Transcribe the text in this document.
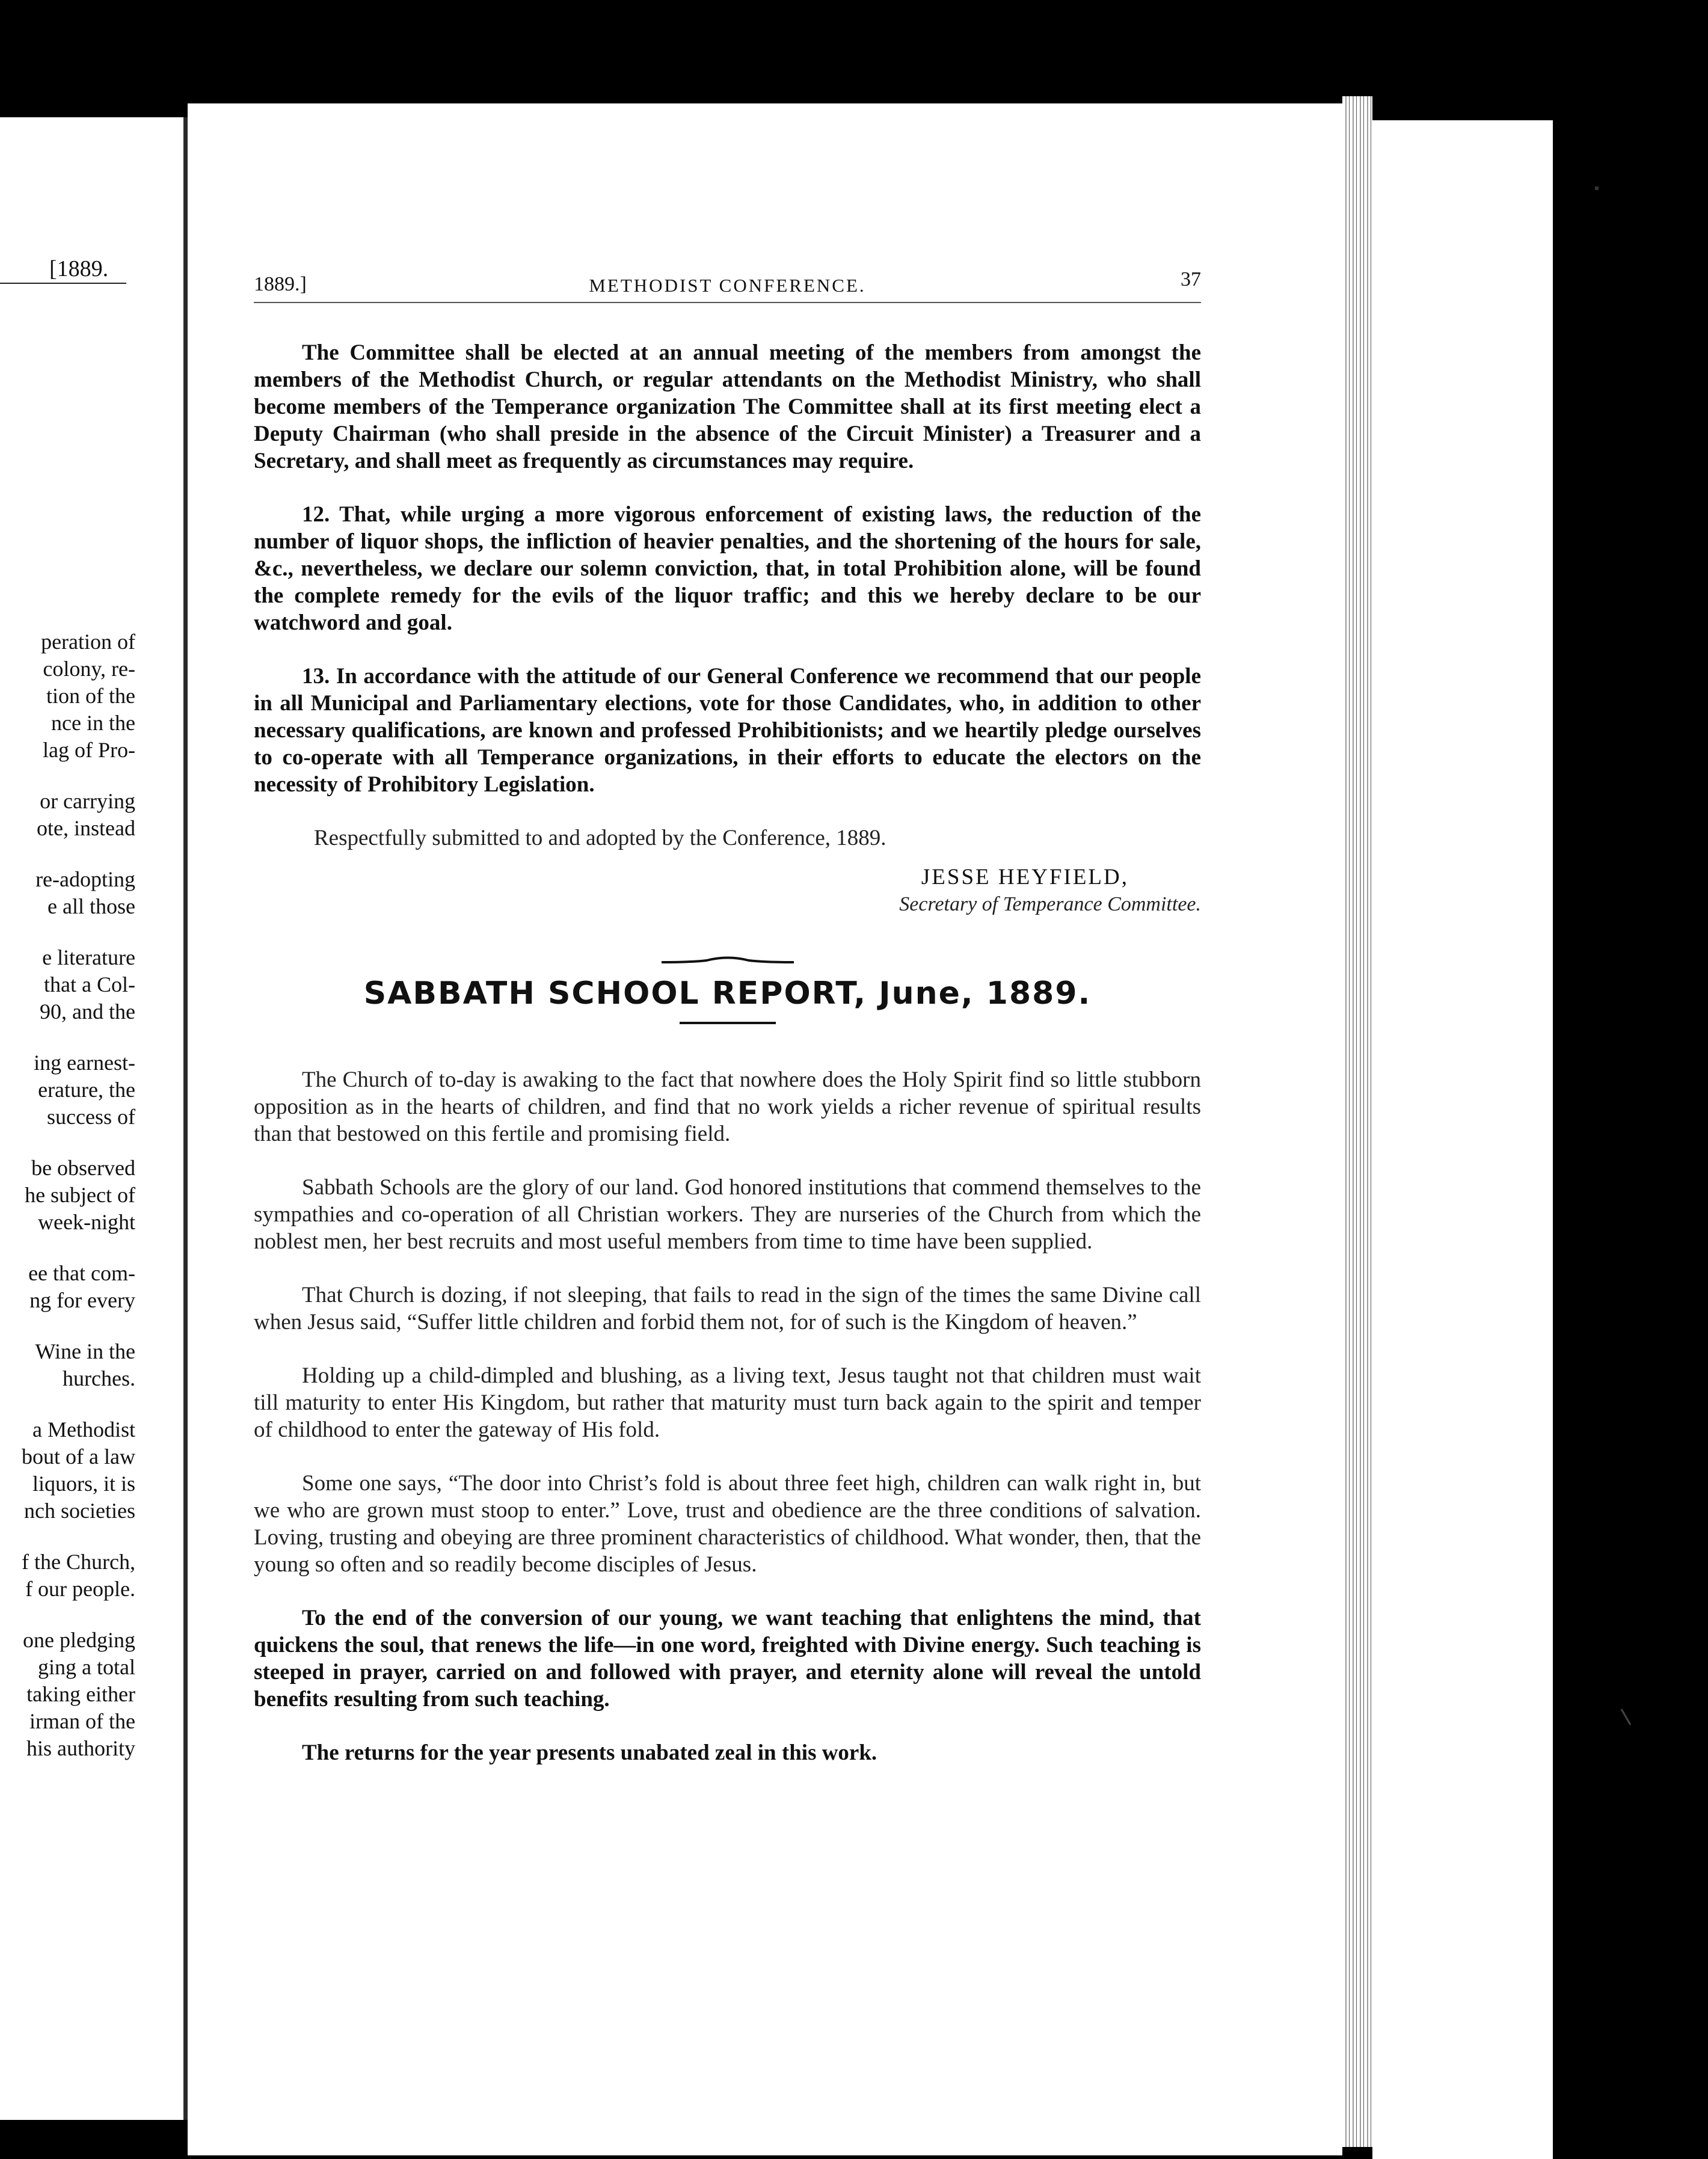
[1889.
peration of
colony, re-
tion of the
nce in the
lag of Pro-
or carrying
ote, instead
re-adopting
e all those
e literature
that a Col-
90, and the
ing earnest-
erature, the
success of
be observed
he subject of
week-night
ee that com-
ng for every
Wine in the
hurches.
a Methodist
bout of a law
liquors, it is
nch societies
f the Church,
f our people.
one pledging
ging a total
taking either
irman of the
his authority
1889.]	METHODIST CONFERENCE.	37

The Committee shall be elected at an annual meeting of the members from amongst the members of the Methodist Church, or regular attendants on the Methodist Ministry, who shall become members of the Temperance organization The Committee shall at its first meeting elect a Deputy Chairman (who shall preside in the absence of the Circuit Minister) a Treasurer and a Secretary, and shall meet as frequently as circumstances may require.

12. That, while urging a more vigorous enforcement of existing laws, the reduction of the number of liquor shops, the infliction of heavier penalties, and the shortening of the hours for sale, &c., nevertheless, we declare our solemn conviction, that, in total Prohibition alone, will be found the complete remedy for the evils of the liquor traffic; and this we hereby declare to be our watchword and goal.

13. In accordance with the attitude of our General Conference we recommend that our people in all Municipal and Parliamentary elections, vote for those Candidates, who, in addition to other necessary qualifications, are known and professed Prohibitionists; and we heartily pledge ourselves to co-operate with all Temperance organizations, in their efforts to educate the electors on the necessity of Prohibitory Legislation.

Respectfully submitted to and adopted by the Conference, 1889.

JESSE HEYFIELD,
Secretary of Temperance Committee.
SABBATH SCHOOL REPORT, June, 1889.

The Church of to-day is awaking to the fact that nowhere does the Holy Spirit find so little stubborn opposition as in the hearts of children, and find that no work yields a richer revenue of spiritual results than that bestowed on this fertile and promising field.

Sabbath Schools are the glory of our land. God honored institutions that commend themselves to the sympathies and co-operation of all Christian workers. They are nurseries of the Church from which the noblest men, her best recruits and most useful members from time to time have been supplied.

That Church is dozing, if not sleeping, that fails to read in the sign of the times the same Divine call when Jesus said, “Suffer little children and forbid them not, for of such is the Kingdom of heaven.”

Holding up a child-dimpled and blushing, as a living text, Jesus taught not that children must wait till maturity to enter His Kingdom, but rather that maturity must turn back again to the spirit and temper of childhood to enter the gateway of His fold.

Some one says, “The door into Christ’s fold is about three feet high, children can walk right in, but we who are grown must stoop to enter.” Love, trust and obedience are the three conditions of salvation. Loving, trusting and obeying are three prominent characteristics of childhood. What wonder, then, that the young so often and so readily become disciples of Jesus.

To the end of the conversion of our young, we want teaching that enlightens the mind, that quickens the soul, that renews the life—in one word, freighted with Divine energy. Such teaching is steeped in prayer, carried on and followed with prayer, and eternity alone will reveal the untold benefits resulting from such teaching.

The returns for the year presents unabated zeal in this work.
